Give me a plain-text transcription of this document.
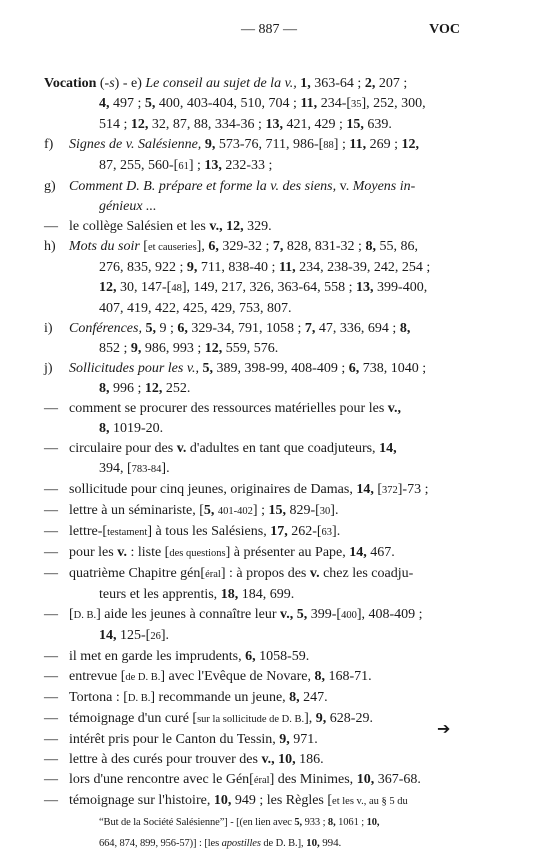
— 887 —	VOC
Vocation (-s) - e) Le conseil au sujet de la v., 1, 363-64 ; 2, 207 ;
4, 497 ; 5, 400, 403-404, 510, 704 ; 11, 234-[35], 252, 300,
514 ; 12, 32, 87, 88, 334-36 ; 13, 421, 429 ; 15, 639.
f)	Signes de v. Salésienne, 9, 573-76, 711, 986-[88] ; 11, 269 ; 12,
87, 255, 560-[61] ; 13, 232-33 ;
g) Comment D. B. prépare et forme la v. des siens, v. Moyens in-
génieux ...
— le collège Salésien et les v., 12, 329.
h) Mots du soir [et causeries], 6, 329-32 ; 7, 828, 831-32 ; 8, 55, 86,
276, 835, 922 ; 9, 711, 838-40 ; 11, 234, 238-39, 242, 254 ;
12, 30, 147-[48], 149, 217, 326, 363-64, 558 ; 13, 399-400,
407, 419, 422, 425, 429, 753, 807.
i)	Conférences, 5, 9 ; 6, 329-34, 791, 1058 ; 7, 47, 336, 694 ; 8,
852 ; 9, 986, 993 ; 12, 559, 576.
j)	Sollicitudes pour les v., 5, 389, 398-99, 408-409 ; 6, 738, 1040 ;
8, 996 ; 12, 252.
— comment se procurer des ressources matérielles pour les v.,
8, 1019-20.
— circulaire pour des v. d'adultes en tant que coadjuteurs, 14,
394, [783-84].
— sollicitude pour cinq jeunes, originaires de Damas, 14, [372]-73 ;
— lettre à un séminariste, [5, 401-402] ; 15, 829-[30].
— lettre-[testament] à tous les Salésiens, 17, 262-[63].
— pour les v. : liste [des questions] à présenter au Pape, 14, 467.
— quatrième Chapitre gén[éral] : à propos des v. chez les coadju-
teurs et les apprentis, 18, 184, 699.
— [D. B.] aide les jeunes à connaître leur v., 5, 399-[400], 408-409 ;
14, 125-[26].
— il met en garde les imprudents, 6, 1058-59.
— entrevue [de D. B.] avec l'Evêque de Novare, 8, 168-71.
— Tortona : [D. B.] recommande un jeune, 8, 247.
— témoignage d'un curé [sur la sollicitude de D. B.], 9, 628-29.
— intérêt pris pour le Canton du Tessin, 9, 971.
— lettre à des curés pour trouver des v., 10, 186.
— lors d'une rencontre avec le Gén[éral] des Minimes, 10, 367-68.
— témoignage sur l'histoire, 10, 949 ; les Règles [et les v., au § 5 du
“But de la Société Salésienne”] - [(en lien avec 5, 933 ; 8, 1061 ; 10,
664, 874, 899, 956-57)] : [les apostilles de D. B.], 10, 994.
➔
